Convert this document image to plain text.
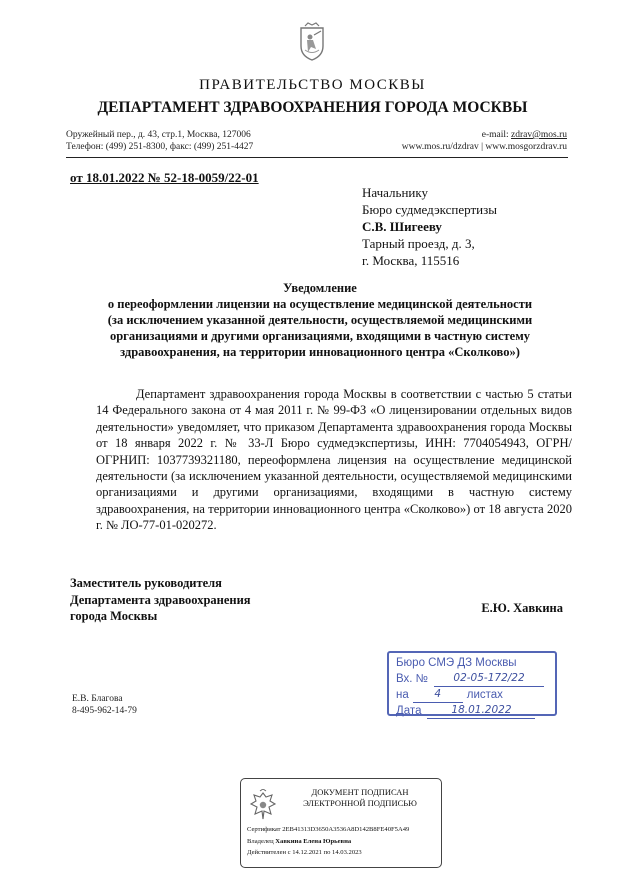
ПРАВИТЕЛЬСТВО МОСКВЫ
ДЕПАРТАМЕНТ ЗДРАВООХРАНЕНИЯ ГОРОДА МОСКВЫ
Оружейный пер., д. 43, стр.1, Москва, 127006
Телефон: (499) 251-8300, факс: (499) 251-4427
e-mail: zdrav@mos.ru
www.mos.ru/dzdrav | www.mosgorzdrav.ru
от 18.01.2022 № 52-18-0059/22-01
Начальнику
Бюро судмедэкспертизы
С.В. Шигееву
Тарный проезд, д. 3,
г. Москва, 115516
Уведомление
о переоформлении лицензии на осуществление медицинской деятельности
(за исключением указанной деятельности, осуществляемой медицинскими
организациями и другими организациями, входящими в частную систему
здравоохранения, на территории инновационного центра «Сколково»)

Департамент здравоохранения города Москвы в соответствии с частью 5 статьи 14 Федерального закона от 4 мая 2011 г. № 99-ФЗ «О лицензировании отдельных видов деятельности» уведомляет, что приказом Департамента здравоохранения города Москвы от 18 января 2022 г. № 33-Л Бюро судмедэкспертизы, ИНН: 7704054943, ОГРН/ОГРНИП: 1037739321180, переоформлена лицензия на осуществление медицинской деятельности (за исключением указанной деятельности, осуществляемой медицинскими организациями и другими организациями, входящими в частную систему здравоохранения, на территории инновационного центра «Сколково») от 18 августа 2020 г. № ЛО-77-01-020272.

Заместитель руководителя
Департамента здравоохранения
города Москвы
Е.Ю. Хавкина
Бюро СМЭ ДЗ Москвы
Вх. №	02-05-172/22
на	4	листах
Дата	18.01.2022
Е.В. Благова
8-495-962-14-79
ДОКУМЕНТ ПОДПИСАН
ЭЛЕКТРОННОЙ ПОДПИСЬЮ
Сертификат 2EB41313D3650A3536A8D142B8FE40F5A49
Владелец Хавкина Елена Юрьевна
Действителен с 14.12.2021 по 14.03.2023
